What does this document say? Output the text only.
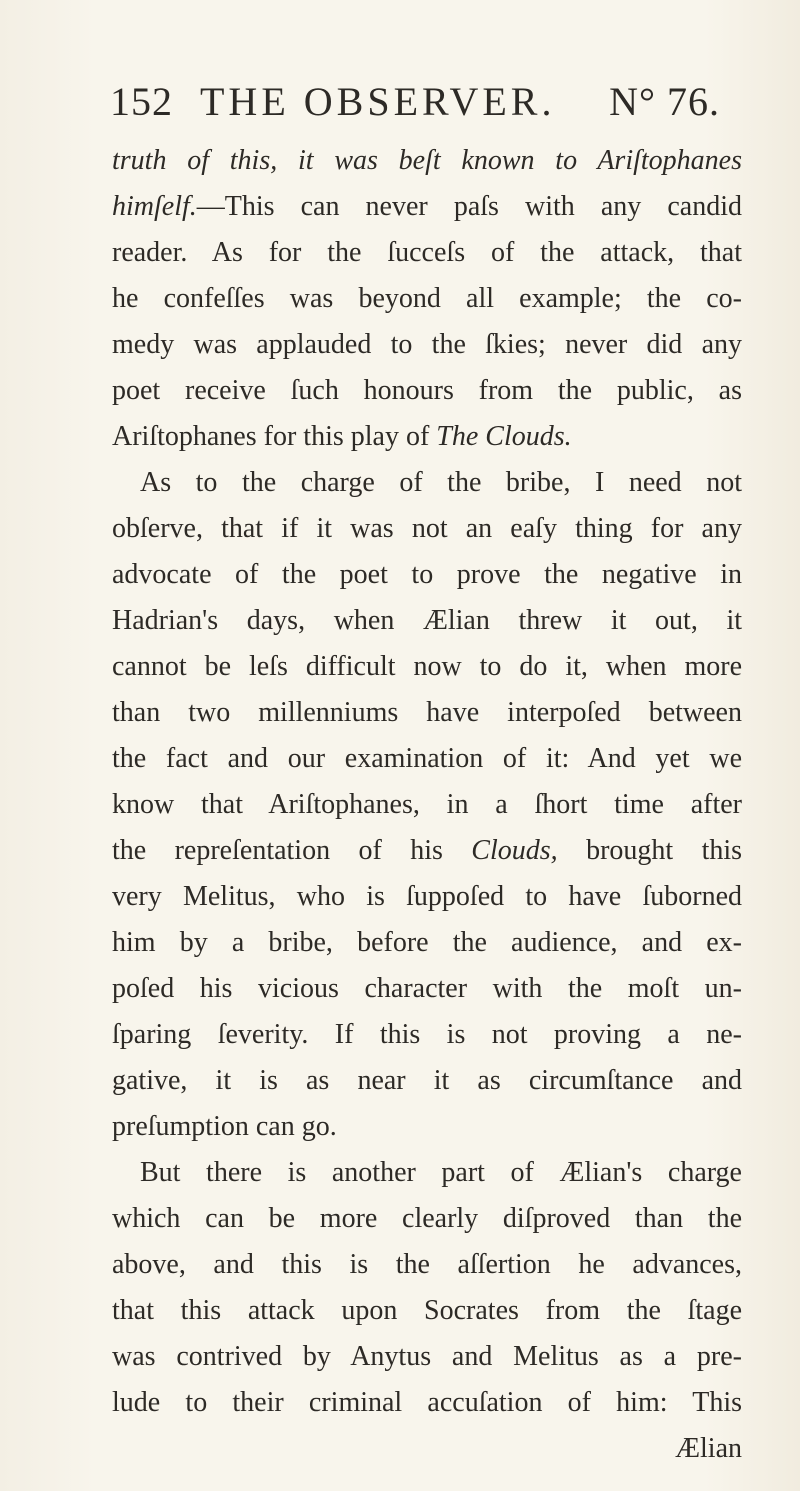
152 THE OBSERVER. N° 76.
truth of this, it was beſt known to Ariſtophanes
himſelf.—This can never paſs with any candid
reader. As for the ſucceſs of the attack, that
he confeſſes was beyond all example; the co-
medy was applauded to the ſkies; never did any
poet receive ſuch honours from the public, as
Ariſtophanes for this play of The Clouds.
As to the charge of the bribe, I need not
obſerve, that if it was not an eaſy thing for any
advocate of the poet to prove the negative in
Hadrian's days, when Ælian threw it out, it
cannot be leſs difficult now to do it, when more
than two millenniums have interpoſed between
the fact and our examination of it: And yet we
know that Ariſtophanes, in a ſhort time after
the repreſentation of his Clouds, brought this
very Melitus, who is ſuppoſed to have ſuborned
him by a bribe, before the audience, and ex-
poſed his vicious character with the moſt un-
ſparing ſeverity. If this is not proving a ne-
gative, it is as near it as circumſtance and
preſumption can go.
But there is another part of Ælian's charge
which can be more clearly diſproved than the
above, and this is the aſſertion he advances,
that this attack upon Socrates from the ſtage
was contrived by Anytus and Melitus as a pre-
lude to their criminal accuſation of him: This
Ælian
